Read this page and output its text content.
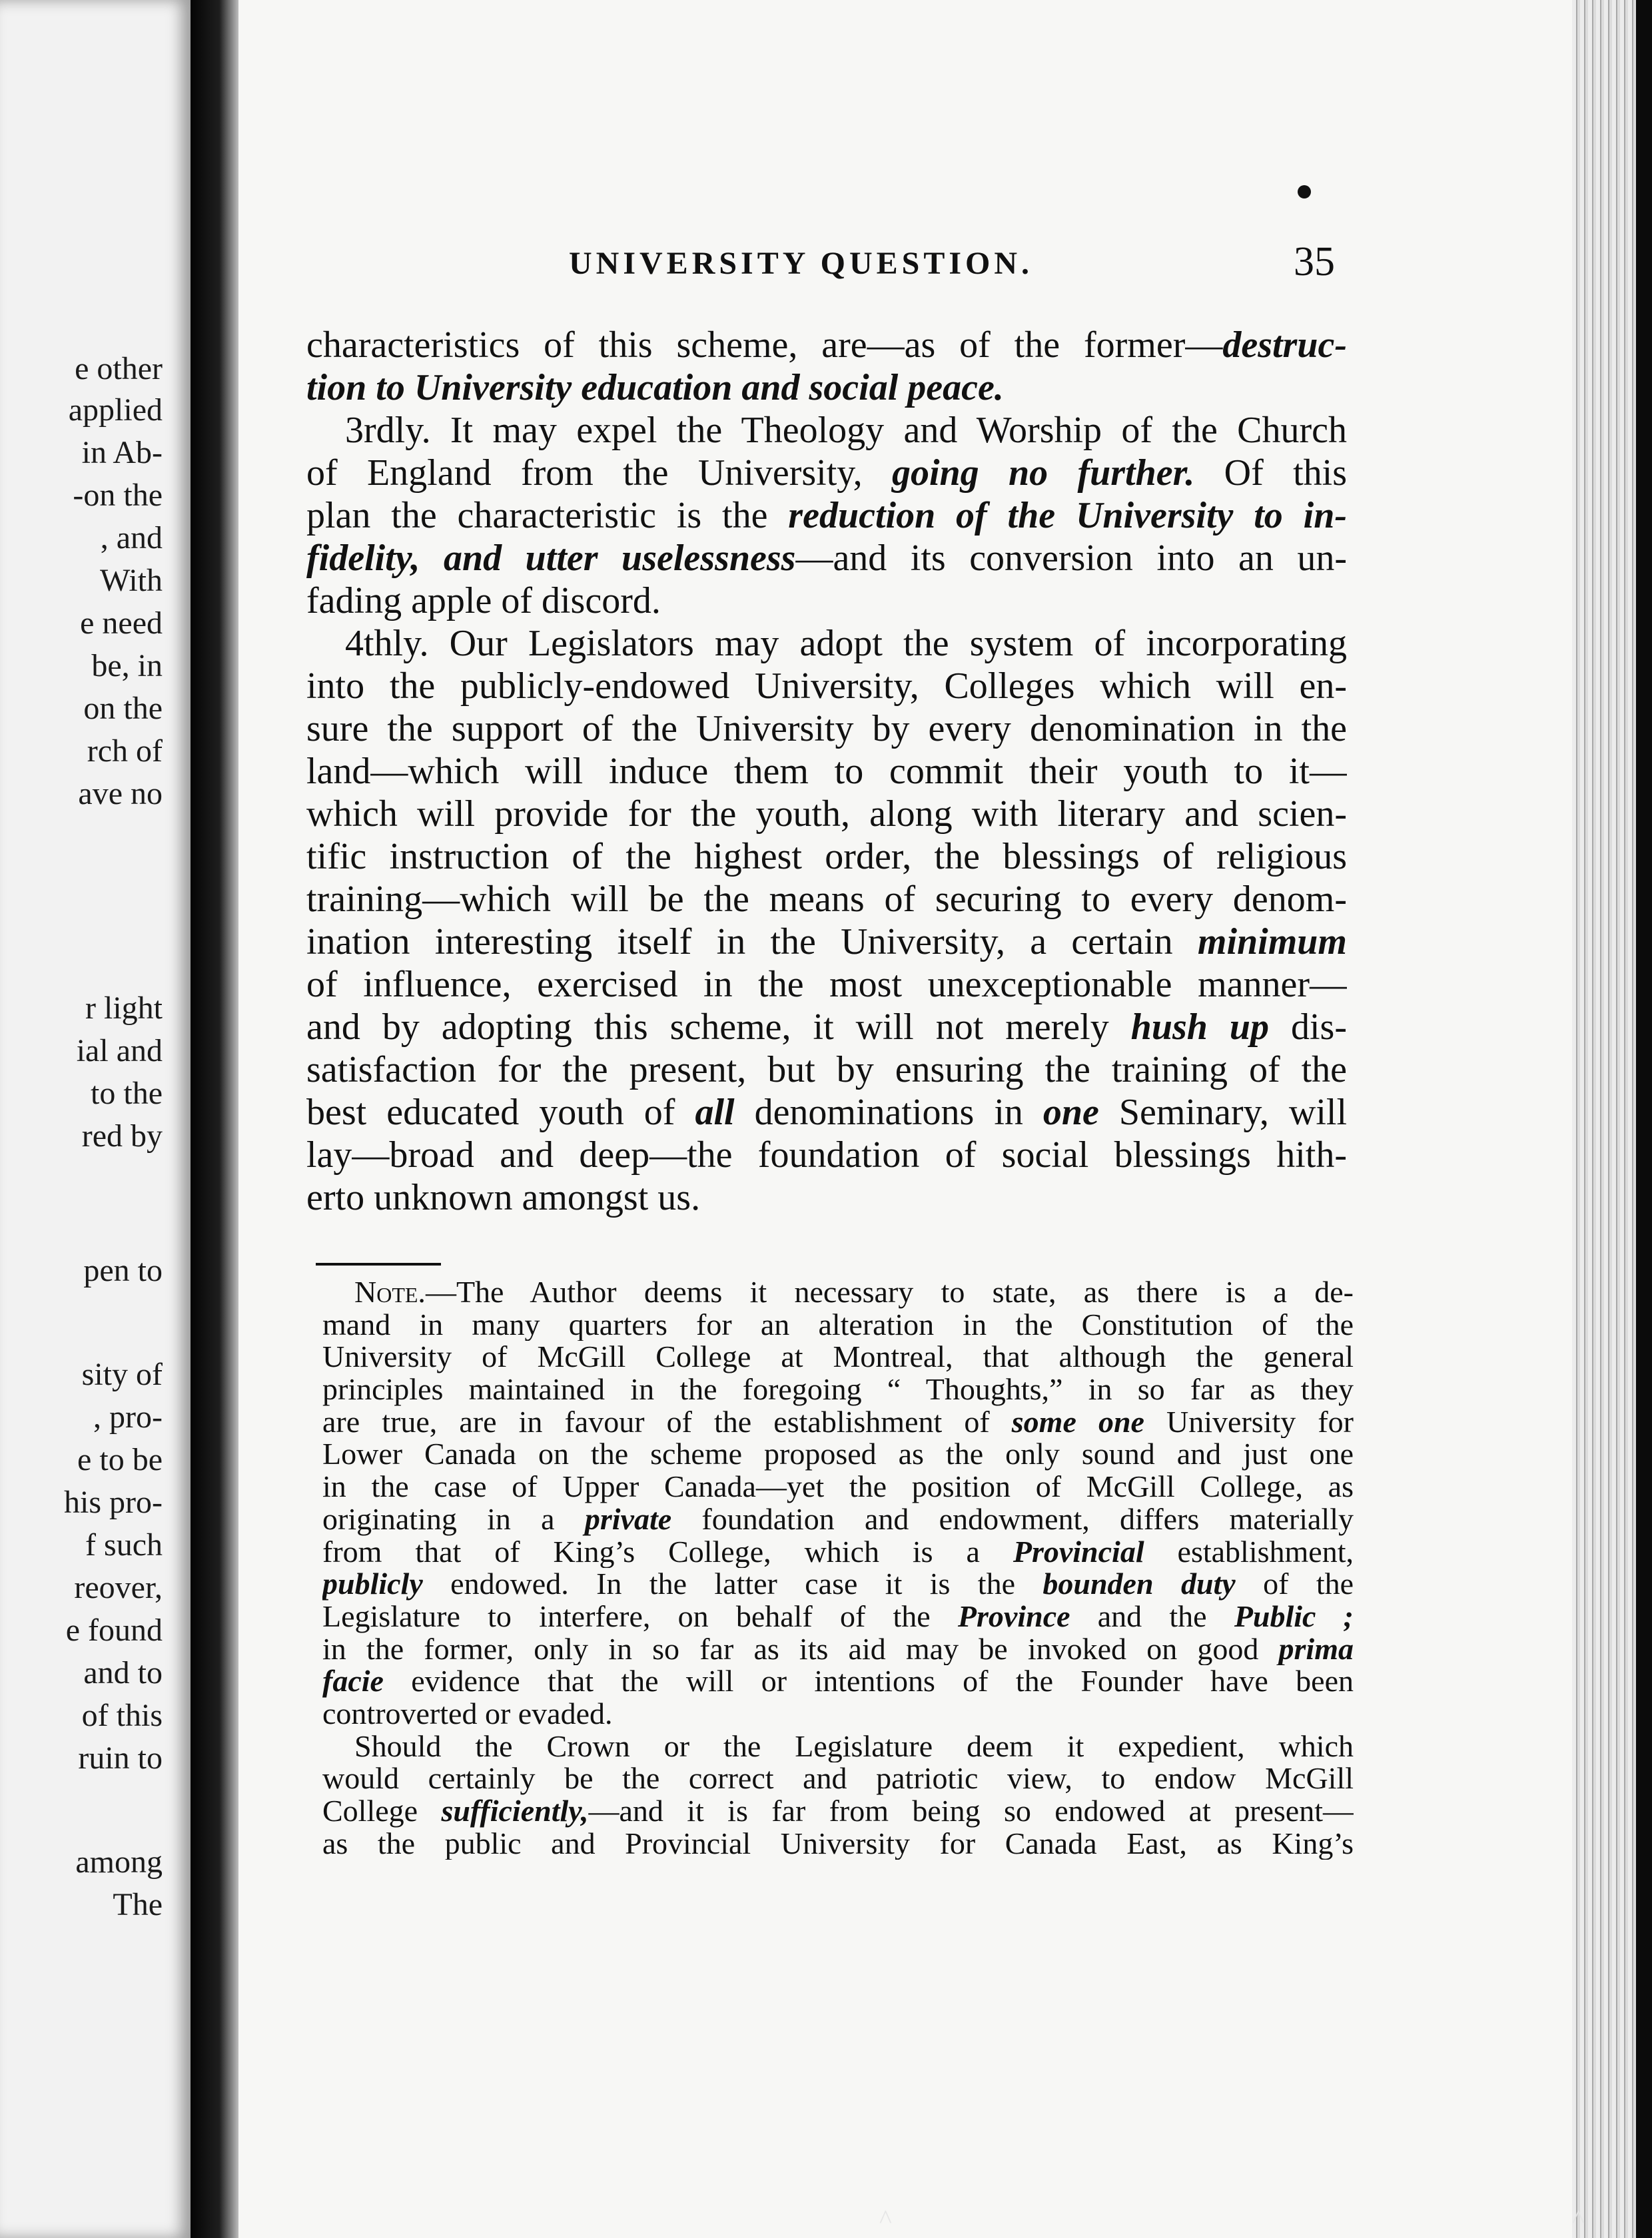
e other
applied
in Ab-
-on the
, and
With
e need
be, in
on the
rch of
ave no
r light
ial and
to the
red by
pen to
sity of
, pro-
e to be
his pro-
f such
reover,
e found
and to
of this
ruin to
among
The
UNIVERSITY QUESTION.	35
characteristics of this scheme, are—as of the former—destruc-
tion to University education and social peace.
3rdly. It may expel the Theology and Worship of the Church
of England from the University, going no further. Of this
plan the characteristic is the reduction of the University to in-
fidelity, and utter uselessness—and its conversion into an un-
fading apple of discord.
4thly. Our Legislators may adopt the system of incorporating
into the publicly-endowed University, Colleges which will en-
sure the support of the University by every denomination in the
land—which will induce them to commit their youth to it—
which will provide for the youth, along with literary and scien-
tific instruction of the highest order, the blessings of religious
training—which will be the means of securing to every denom-
ination interesting itself in the University, a certain minimum
of influence, exercised in the most unexceptionable manner—
and by adopting this scheme, it will not merely hush up dis-
satisfaction for the present, but by ensuring the training of the
best educated youth of all denominations in one Seminary, will
lay—broad and deep—the foundation of social blessings hith-
erto unknown amongst us.
Note.—The Author deems it necessary to state, as there is a de-
mand in many quarters for an alteration in the Constitution of the
University of McGill College at Montreal, that although the general
principles maintained in the foregoing “ Thoughts,” in so far as they
are true, are in favour of the establishment of some one University for
Lower Canada on the scheme proposed as the only sound and just one
in the case of Upper Canada—yet the position of McGill College, as
originating in a private foundation and endowment, differs materially
from that of King’s College, which is a Provincial establishment,
publicly endowed. In the latter case it is the bounden duty of the
Legislature to interfere, on behalf of the Province and the Public ;
in the former, only in so far as its aid may be invoked on good prima
facie evidence that the will or intentions of the Founder have been
controverted or evaded.
Should the Crown or the Legislature deem it expedient, which
would certainly be the correct and patriotic view, to endow McGill
College sufficiently,—and it is far from being so endowed at present—
as the public and Provincial University for Canada East, as King’s
^	^
